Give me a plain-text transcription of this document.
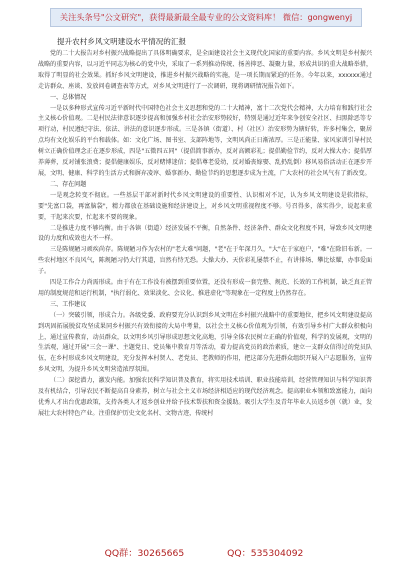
关注头条号"公文研究"，获得最新最全最专业的公文资料库！ 微信：gongwenyj
提升农村乡风文明建设水平情况的汇报

党的二十大报告对乡村振兴战略提出了具体明确要求，是全面建设社会主义现代化国家的重要内容。乡风文明是乡村振兴战略的重要内容，以习近平同志为核心的党中央，采取了一系列推动传统、扬善抑恶、凝聚力量，形成共识的重大战略举措，取得了明显的社会效果。抓好乡风文明建设，推进乡村振兴战略的实施，是一项长期而紧迫的任务。今年以来，xxxxxx通过走访群众、座谈、发放问卷调查表等方式，对乡风文明进行了一次调研，现将调研情况报告如下。

一、总体情况

一是以多种形式宣传习近平新时代中国特色社会主义思想和党的二十大精神，富十二次党代会精神，大力培育和践行社会主义核心价值观。二是村民法律意识逐步提高和加强乡村社会治安形势较好，特别是通过近年来争创安全社区、扫黑除恶等专项行动，村民遵纪守法、依法、讲法的意识逐步形成。三是各镇（街道）、村（社区）治安形势为辖好转，许多村集会，聚居点均有文化娱乐的平台和载体。如：文化广场、图书室、支部阵地等，文明风尚正日渐浓厚。三是正能量、家风家训引导村民树立正确价值理念正在逐步形成，四是"五微四五同"（提倡简事新办，反对高额彩礼；提倡勤俭节约，反对大操大办；提倡厚养薄葬，反对铺张浪费；提倡健康娱乐，反对赌博迷信；提倡尊老爱幼，反对婚丧嫁娶、乱扔乱倒）移风易俗活动正在逐步开展，文明、健康、科学的生活方式和摒弃凌谆、婚事新办、勤俭节约的思想逐步成为主流，广大农村的社会风气有了新改变。

二、存在问题

一是观念转变不彻底。一些基层干部对新时代乡风文明建设的重要性、认识相对不足，认为乡风文明建设是软指标，要"先富口袋，再富脑袋"，精力都放在基础设施和经济建设上，对乡风文明重视程度不够。号召得多，落实得少，说起来重要，干起来次要，忙起来不要的现象。

二是推进力度不够均衡。由于各镇（街道）经济发展不平衡，自然条件、经济条件、群众文化程度不同，导致乡风文明建设的力度和成效也大不一样。

三是陈规陋习顽疾尚存。陈规陋习作为农村的"老大难"问题，"老"在于年深月久，"大"在于家庭户，"难"在除旧布新。一些农村地区不良风气，陈规陋习仍大行其道，盲然有恃无恐。大操大办、天价彩礼屡禁不止，有讲排场、攀比炫耀，办事爱面子。

四是工作合力尚需形成。由于有在工作没有被摆到重要位置，还没有形成一套完整、规范、长效的工作机制，缺乏真正管用的制度规范和运行机制，"执行弱化、效果淡化、会议化、推进虚化"等现象在一定程度上仍然存在。

三、工作建议

（一）突破引领，形成合力。各级党委、政府要充分认识到乡风文明在乡村振兴战略中的重要地位，把乡风文明建设提高到巩固拓展脱贫攻坚成果同乡村振兴有效衔接的大局中考量，以社会主义核心价值观为引领，有效引导乡村广大群众积极向上，通过宣传教育，动员群众，以文明乡风引导形成思想文化高地，引导全体农民树立正确的价值观，科学的发展观，文明的生活观，通过开展"三会一课"、主题党日、党员集中教育月等活动，着力提高党员的政治素质，建立一支群众信得过的党员队伍，在乡村形成乡风文明建设，充分发挥本村贤人、老党员、老教师的作用，把这部分先进群众组织开展入户志愿服务，宣传乡风文明，为提升乡风文明营造浓厚氛围。

（二）深挖潜力，激发内能。加强农民科学知识普及教育，将实用技术培训、职业技能培训，经营管理知识与科学知识普及有机结合，引导农民不断提高自身素养，树立与社会主义市场经济相适应的现代经济观念。提高职业本领和致富能力，面向优秀人才出台优惠政策，支持各类人才返乡创业并给予技术帮扶和资金援助。吸引大学生及青年毕业人员返乡创（就）业，发展壮大农村特色产业。注重保护历史文化名村、文物古迹，传统村

QQ群：30265665	QQ：535304092
